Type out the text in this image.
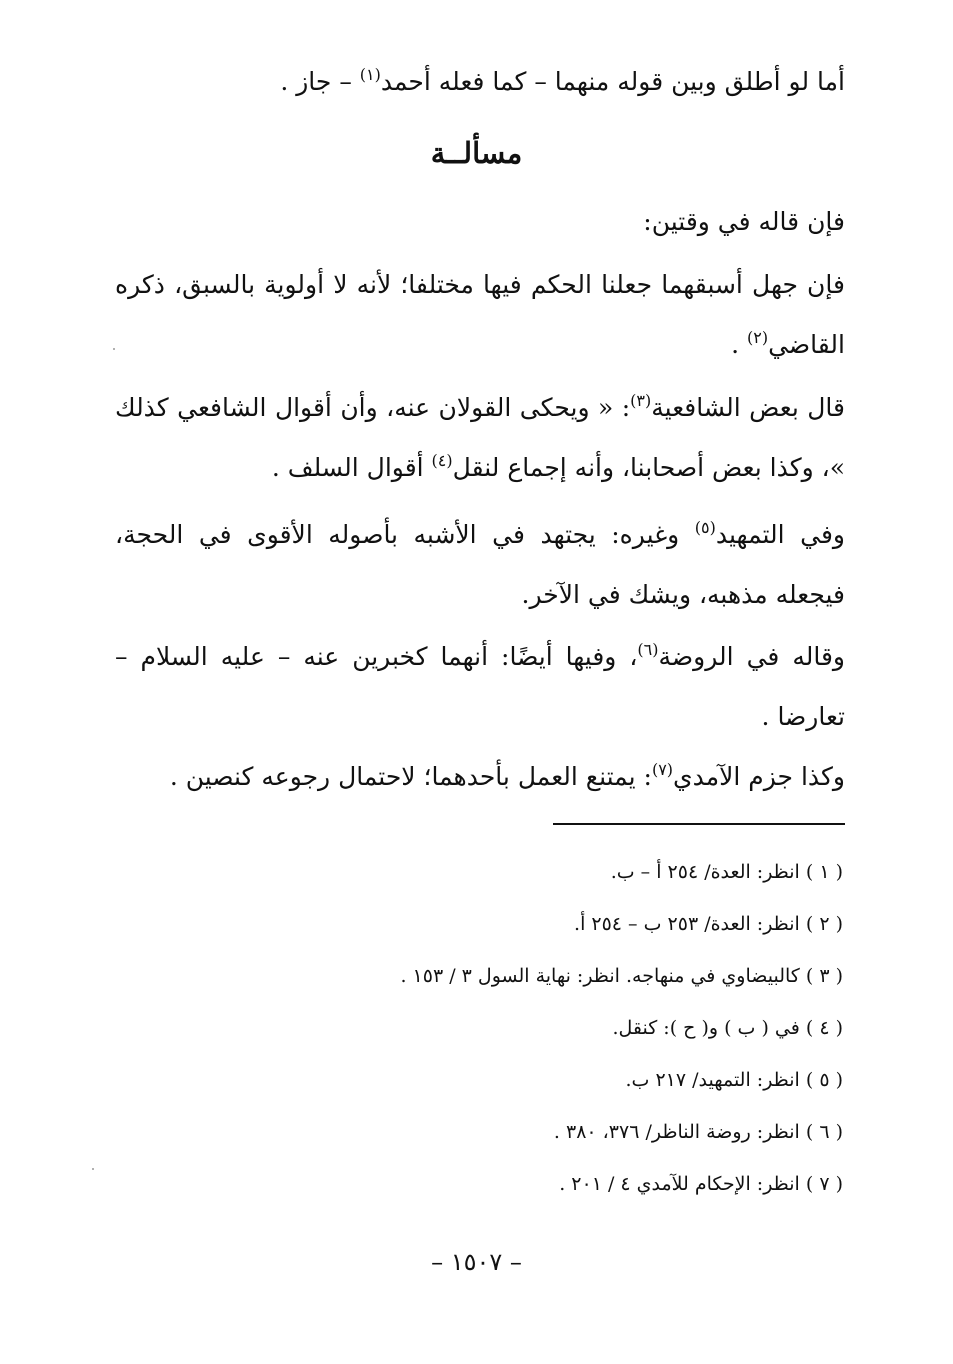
أما لو أطلق وبين قوله منهما – كما فعله أحمد$^{(١)}$ – جاز .

مسألــة

فإن قاله في وقتين:

فإن جهل أسبقهما جعلنا الحكم فيها مختلفا؛ لأنه لا أولوية بالسبق، ذكره القاضي$^{(٢)}$ .

قال بعض الشافعية$^{(٣)}$: « ويحكى القولان عنه، وأن أقوال الشافعي كذلك »، وكذا بعض أصحابنا، وأنه إجماع لنقل$^{(٤)}$ أقوال السلف .

وفي التمهيد$^{(٥)}$ وغيره: يجتهد في الأشبه بأصوله الأقوى في الحجة، فيجعله مذهبه، ويشك في الآخر.

وقاله في الروضة$^{(٦)}$، وفيها أيضًا: أنهما كخبرين عنه – عليه السلام – تعارضا .

وكذا جزم الآمدي$^{(٧)}$: يمتنع العمل بأحدهما؛ لاحتمال رجوعه كنصين .

( ١ ) انظر: العدة/ ٢٥٤ أ – ب.
( ٢ ) انظر: العدة/ ٢٥٣ ب – ٢٥٤ أ.
( ٣ ) كالبيضاوي في منهاجه. انظر: نهاية السول ٣ / ١٥٣ .
( ٤ ) في ( ب ) و( ح ): كنقل.
( ٥ ) انظر: التمهيد/ ٢١٧ ب.
( ٦ ) انظر: روضة الناظر/ ٣٧٦، ٣٨٠ .
( ٧ ) انظر: الإحكام للآمدي ٤ / ٢٠١ .
– ١٥٠٧ –
